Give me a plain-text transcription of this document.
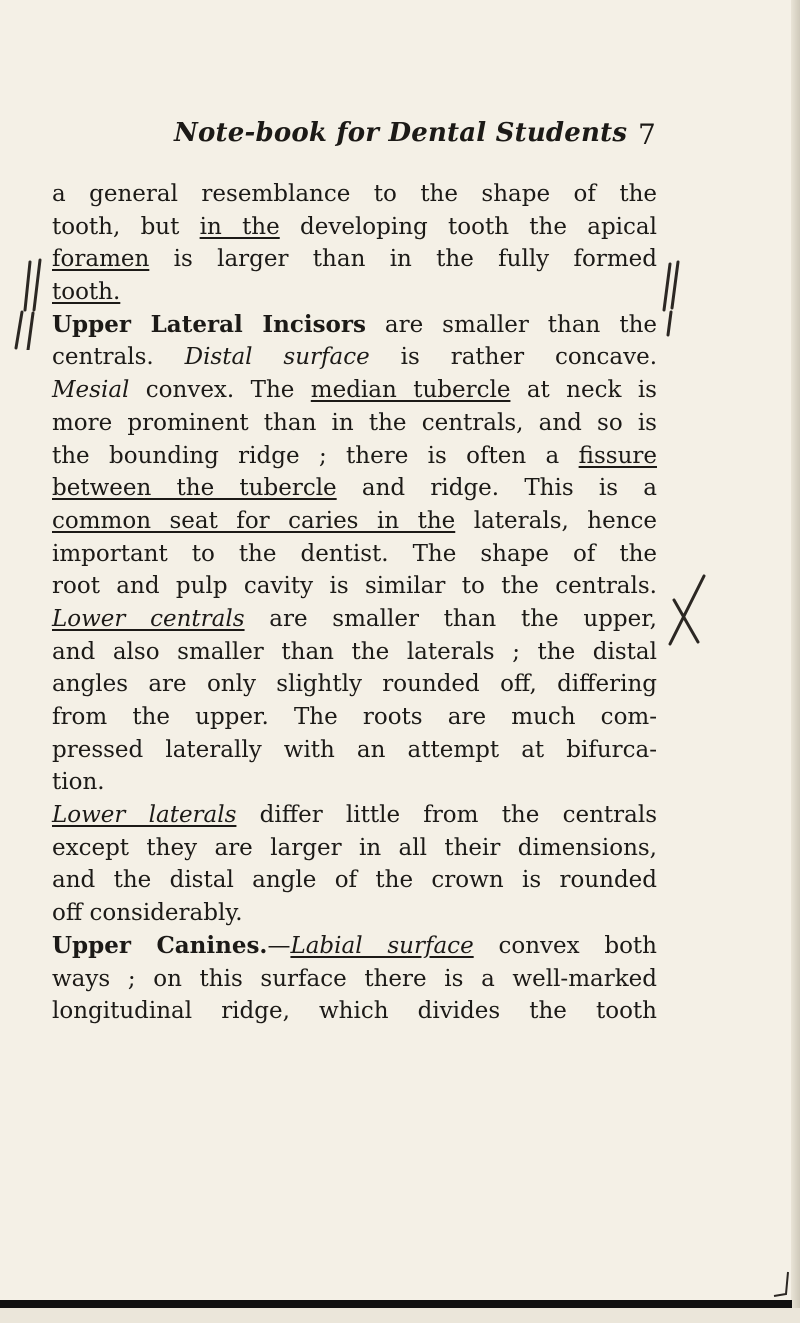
Note-book for Dental Students 7
a general resemblance to the shape of the
tooth, but in the developing tooth the apical
foramen is larger than in the fully formed
tooth.
Upper Lateral Incisors are smaller than the
centrals. Distal surface is rather concave.
Mesial convex. The median tubercle at neck is
more prominent than in the centrals, and so is
the bounding ridge ; there is often a fissure
between the tubercle and ridge. This is a
common seat for caries in the laterals, hence
important to the dentist. The shape of the
root and pulp cavity is similar to the centrals.
Lower centrals are smaller than the upper,
and also smaller than the laterals ; the distal
angles are only slightly rounded off, differing
from the upper. The roots are much com-
pressed laterally with an attempt at bifurca-
tion.
Lower laterals differ little from the centrals
except they are larger in all their dimensions,
and the distal angle of the crown is rounded
off considerably.
Upper Canines.—Labial surface convex both
ways ; on this surface there is a well-marked
longitudinal ridge, which divides the tooth
